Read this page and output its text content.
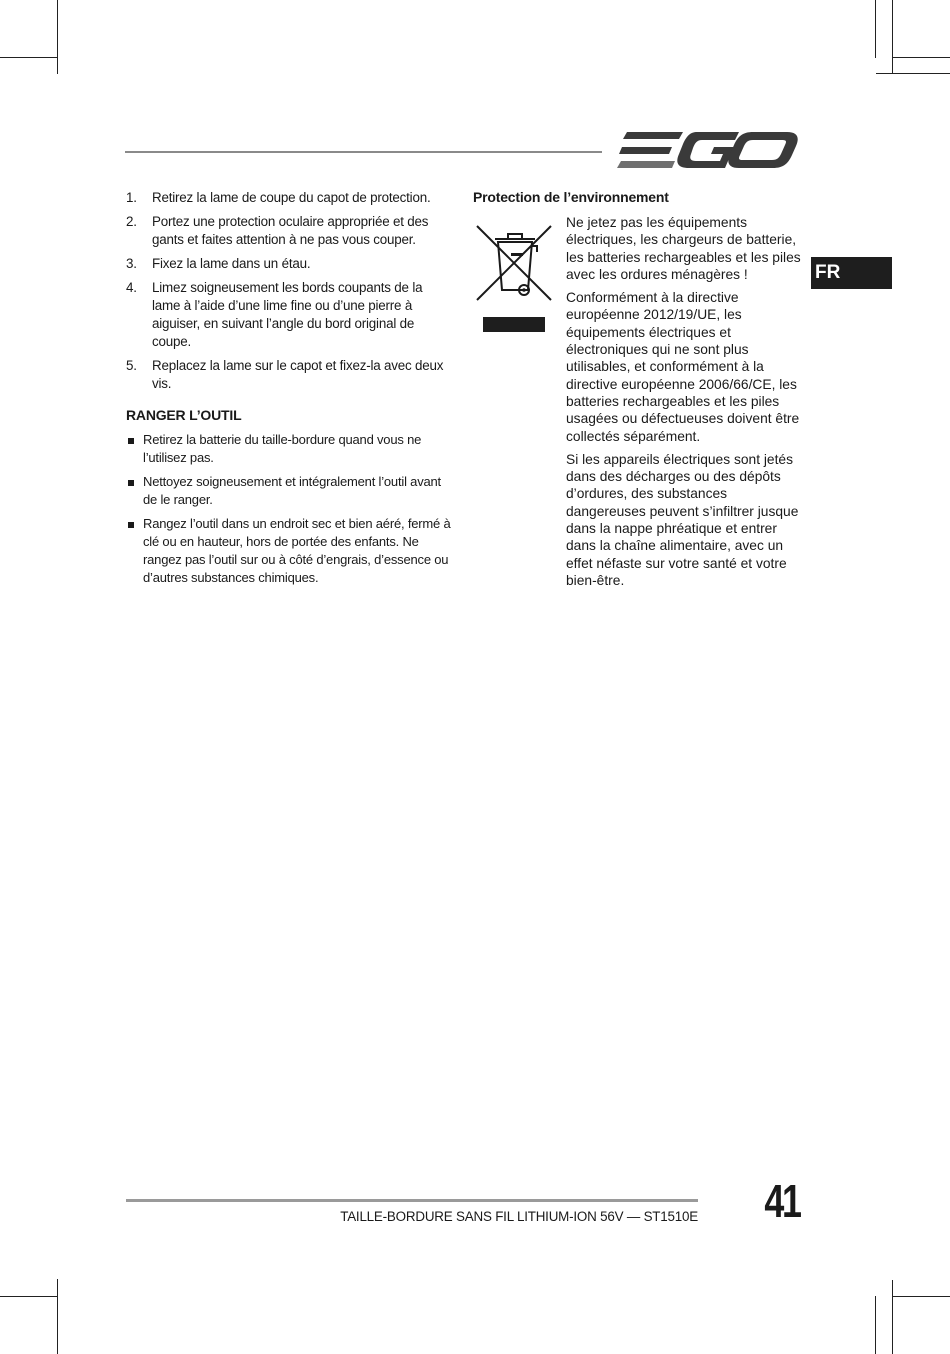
FR
1. Retirez la lame de coupe du capot de protection.
2. Portez une protection oculaire appropriée et des gants et faites attention à ne pas vous couper.
3. Fixez la lame dans un étau.
4. Limez soigneusement les bords coupants de la lame à l’aide d’une lime fine ou d’une pierre à aiguiser, en suivant l’angle du bord original de coupe.
5. Replacez la lame sur le capot et fixez-la avec deux vis.
RANGER L’OUTIL
Retirez la batterie du taille-bordure quand vous ne l’utilisez pas.
Nettoyez soigneusement et intégralement l’outil avant de le ranger.
Rangez l’outil dans un endroit sec et bien aéré, fermé à clé ou en hauteur, hors de portée des enfants. Ne rangez pas l’outil sur ou à côté d’engrais, d’essence ou d’autres substances chimiques.
Protection de l’environnement

Ne jetez pas les équipements électriques, les chargeurs de batterie, les batteries rechargeables et les piles avec les ordures ménagères !

Conformément à la directive européenne 2012/19/UE, les équipements électriques et électroniques qui ne sont plus utilisables, et conformément à la directive européenne 2006/66/CE, les batteries rechargeables et les piles usagées ou défectueuses doivent être collectés séparément.

Si les appareils électriques sont jetés dans des décharges ou des dépôts d’ordures, des substances dangereuses peuvent s’infiltrer jusque dans la nappe phréatique et entrer dans la chaîne alimentaire, avec un effet néfaste sur votre santé et votre bien-être.

TAILLE-BORDURE SANS FIL LITHIUM-ION 56V — ST1510E 41
